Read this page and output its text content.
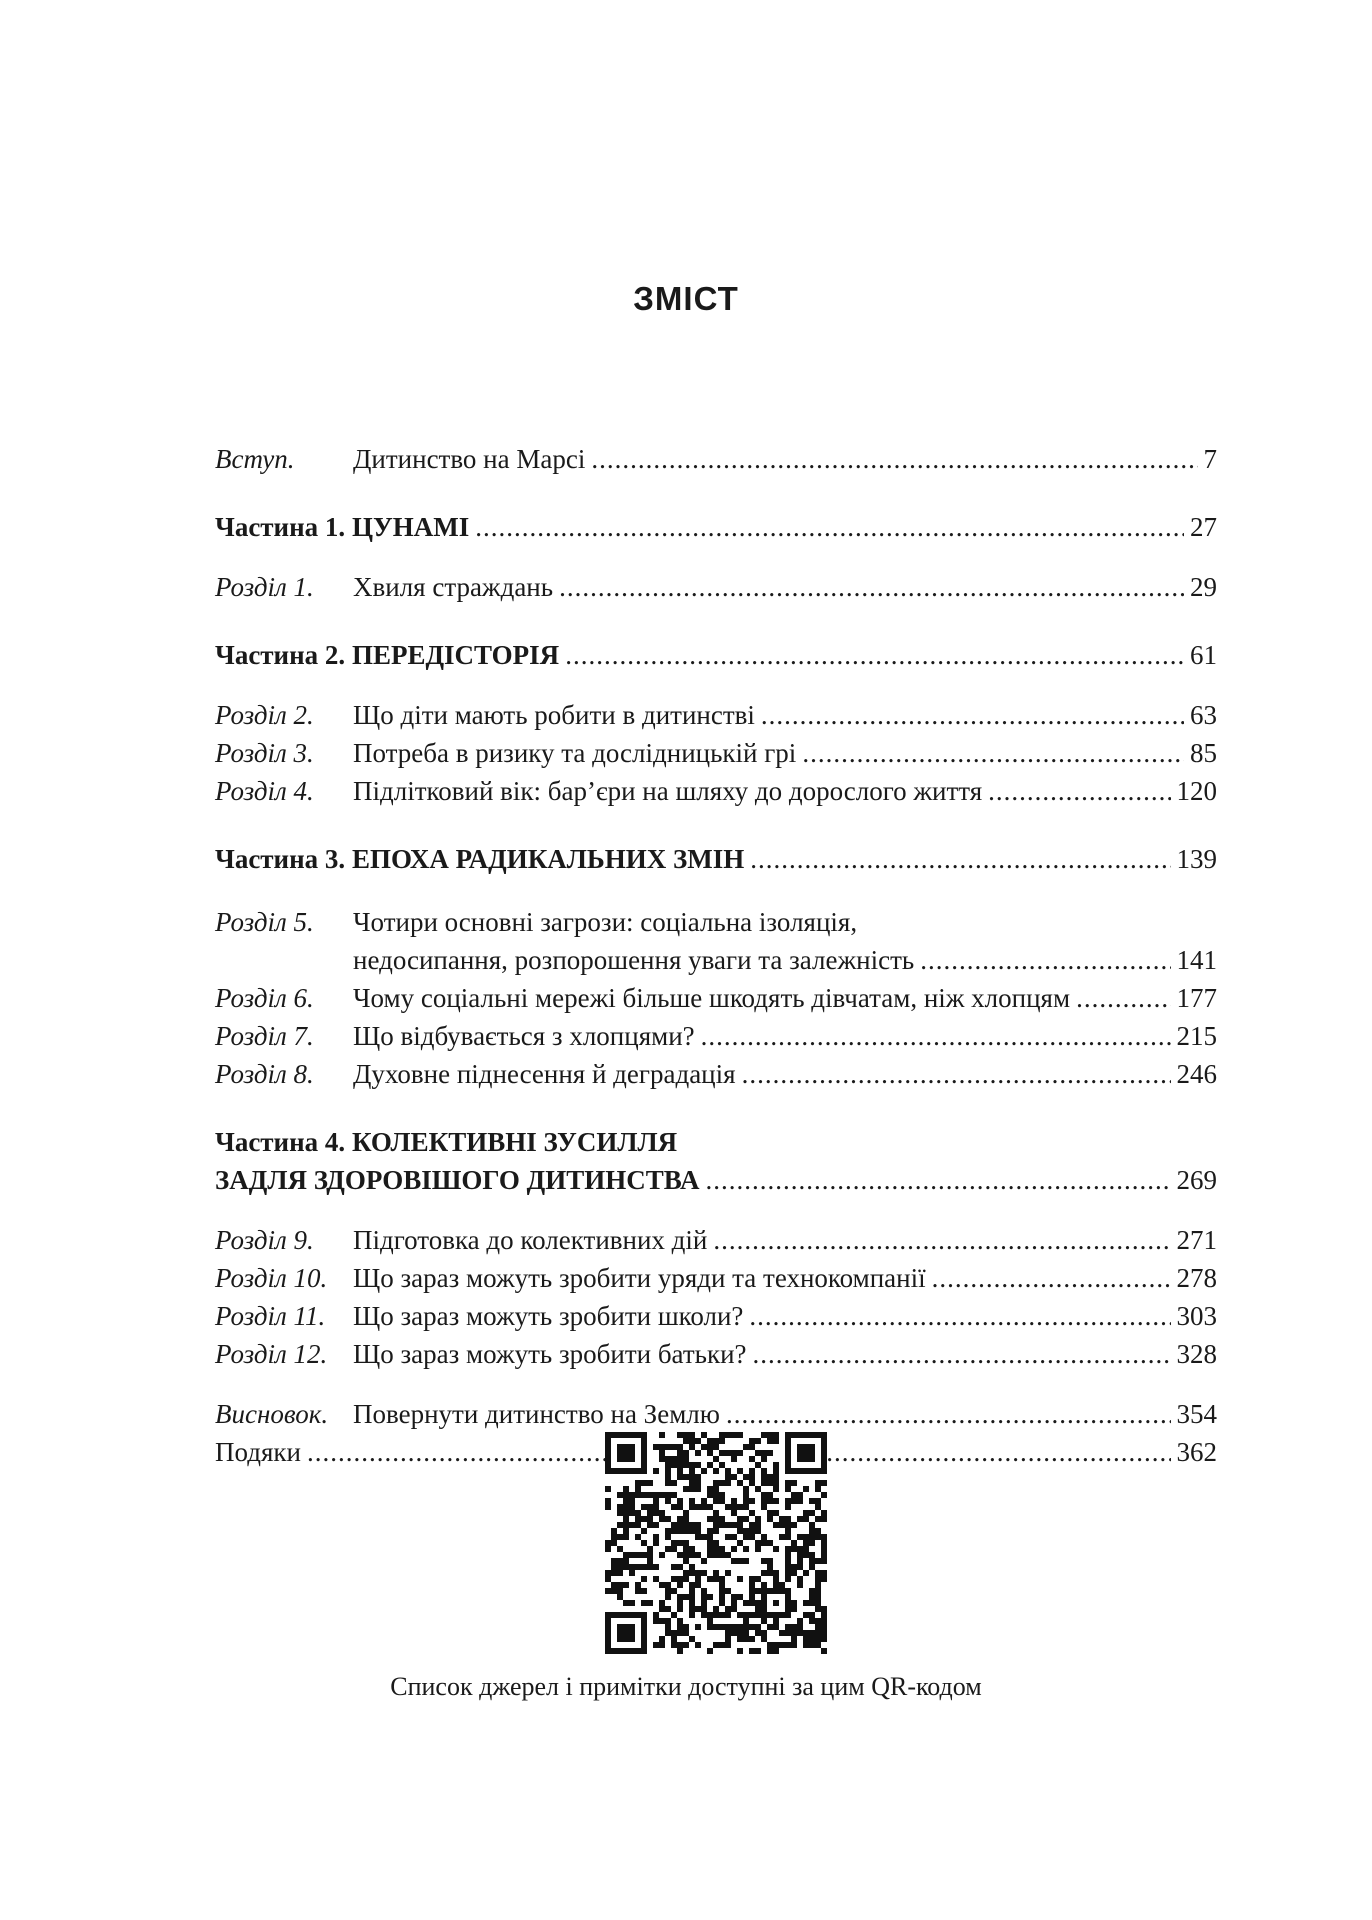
ЗМІСТ
Вступ.	Дитинство на Марсі .....	7
Частина 1. ЦУНАМІ .....	27
Розділ 1.	Хвиля страждань .....	29
Частина 2. ПЕРЕДІСТОРІЯ .....	61
Розділ 2.	Що діти мають робити в дитинстві .....	63
Розділ 3.	Потреба в ризику та дослідницькій грі .....	85
Розділ 4.	Підлітковий вік: бар’єри на шляху до дорослого життя .....	120
Частина 3. ЕПОХА РАДИКАЛЬНИХ ЗМІН .....	139
Розділ 5.	Чотири основні загрози: соціальна ізоляція,
недосипання, розпорошення уваги та залежність .....	141
Розділ 6.	Чому соціальні мережі більше шкодять дівчатам, ніж хлопцям .....	177
Розділ 7.	Що відбувається з хлопцями? .....	215
Розділ 8.	Духовне піднесення й деградація .....	246
Частина 4. КОЛЕКТИВНІ ЗУСИЛЛЯ
ЗАДЛЯ ЗДОРОВІШОГО ДИТИНСТВА .....	269
Розділ 9.	Підготовка до колективних дій .....	271
Розділ 10. Що зараз можуть зробити уряди та технокомпанії .....	278
Розділ 11.	Що зараз можуть зробити школи? .....	303
Розділ 12. Що зараз можуть зробити батьки? .....	328
Висновок. Повернути дитинство на Землю .....	354
Подяки .....	362
Список джерел і примітки доступні за цим QR-кодом
